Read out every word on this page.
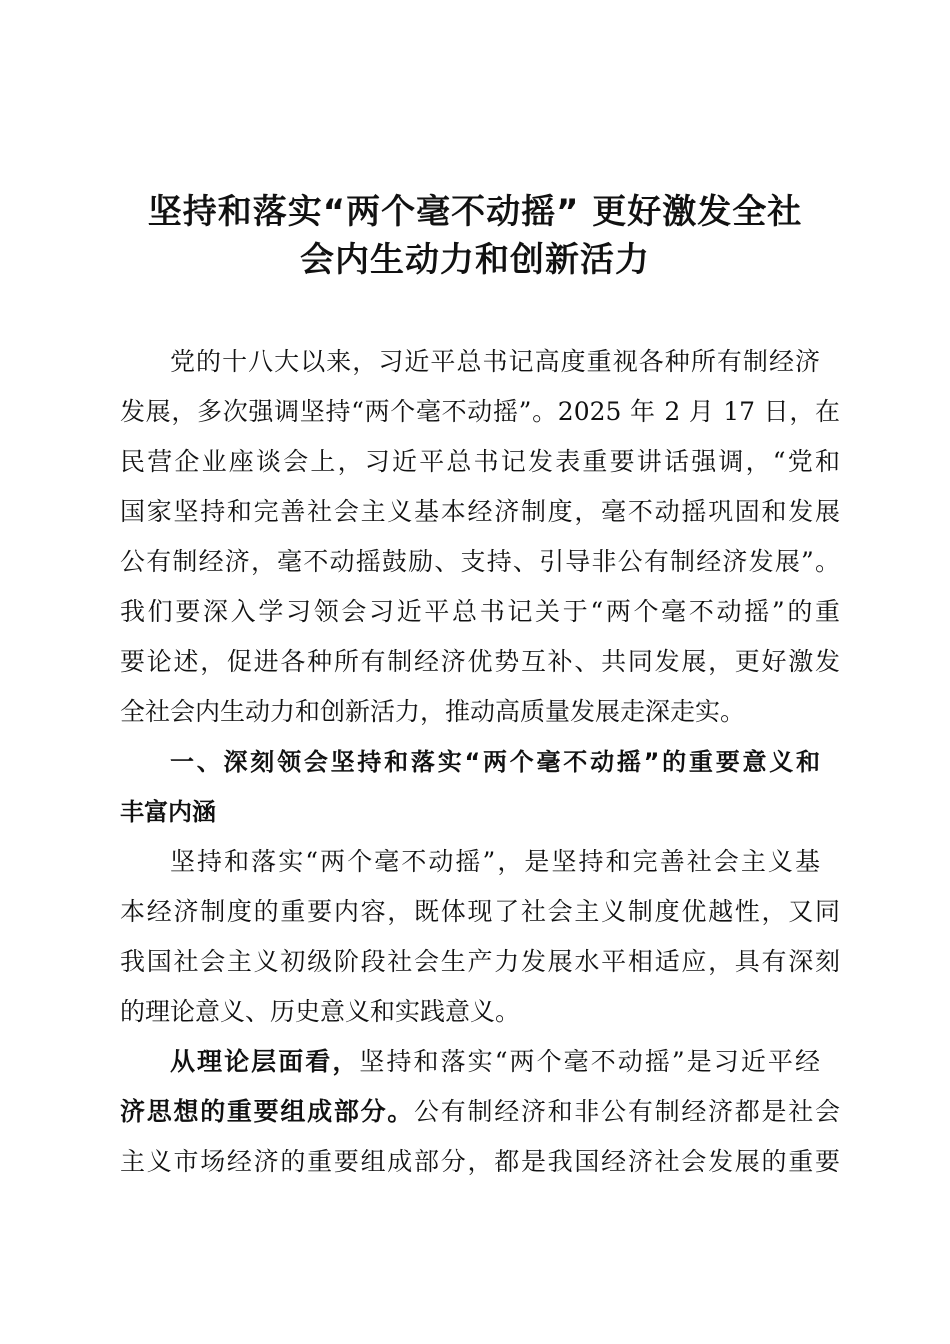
坚持和落实“两个毫不动摇” 更好激发全社
会内生动力和创新活力
党的十八大以来，习近平总书记高度重视各种所有制经济
发展，多次强调坚持“两个毫不动摇”。2025 年 2 月 17 日，在
民营企业座谈会上，习近平总书记发表重要讲话强调，“党和
国家坚持和完善社会主义基本经济制度，毫不动摇巩固和发展
公有制经济，毫不动摇鼓励、支持、引导非公有制经济发展”。
我们要深入学习领会习近平总书记关于“两个毫不动摇”的重
要论述，促进各种所有制经济优势互补、共同发展，更好激发
全社会内生动力和创新活力，推动高质量发展走深走实。
一、深刻领会坚持和落实“两个毫不动摇”的重要意义和
丰富内涵
坚持和落实“两个毫不动摇”，是坚持和完善社会主义基
本经济制度的重要内容，既体现了社会主义制度优越性，又同
我国社会主义初级阶段社会生产力发展水平相适应，具有深刻
的理论意义、历史意义和实践意义。
从理论层面看，坚持和落实“两个毫不动摇”是习近平经
济思想的重要组成部分。公有制经济和非公有制经济都是社会
主义市场经济的重要组成部分，都是我国经济社会发展的重要
